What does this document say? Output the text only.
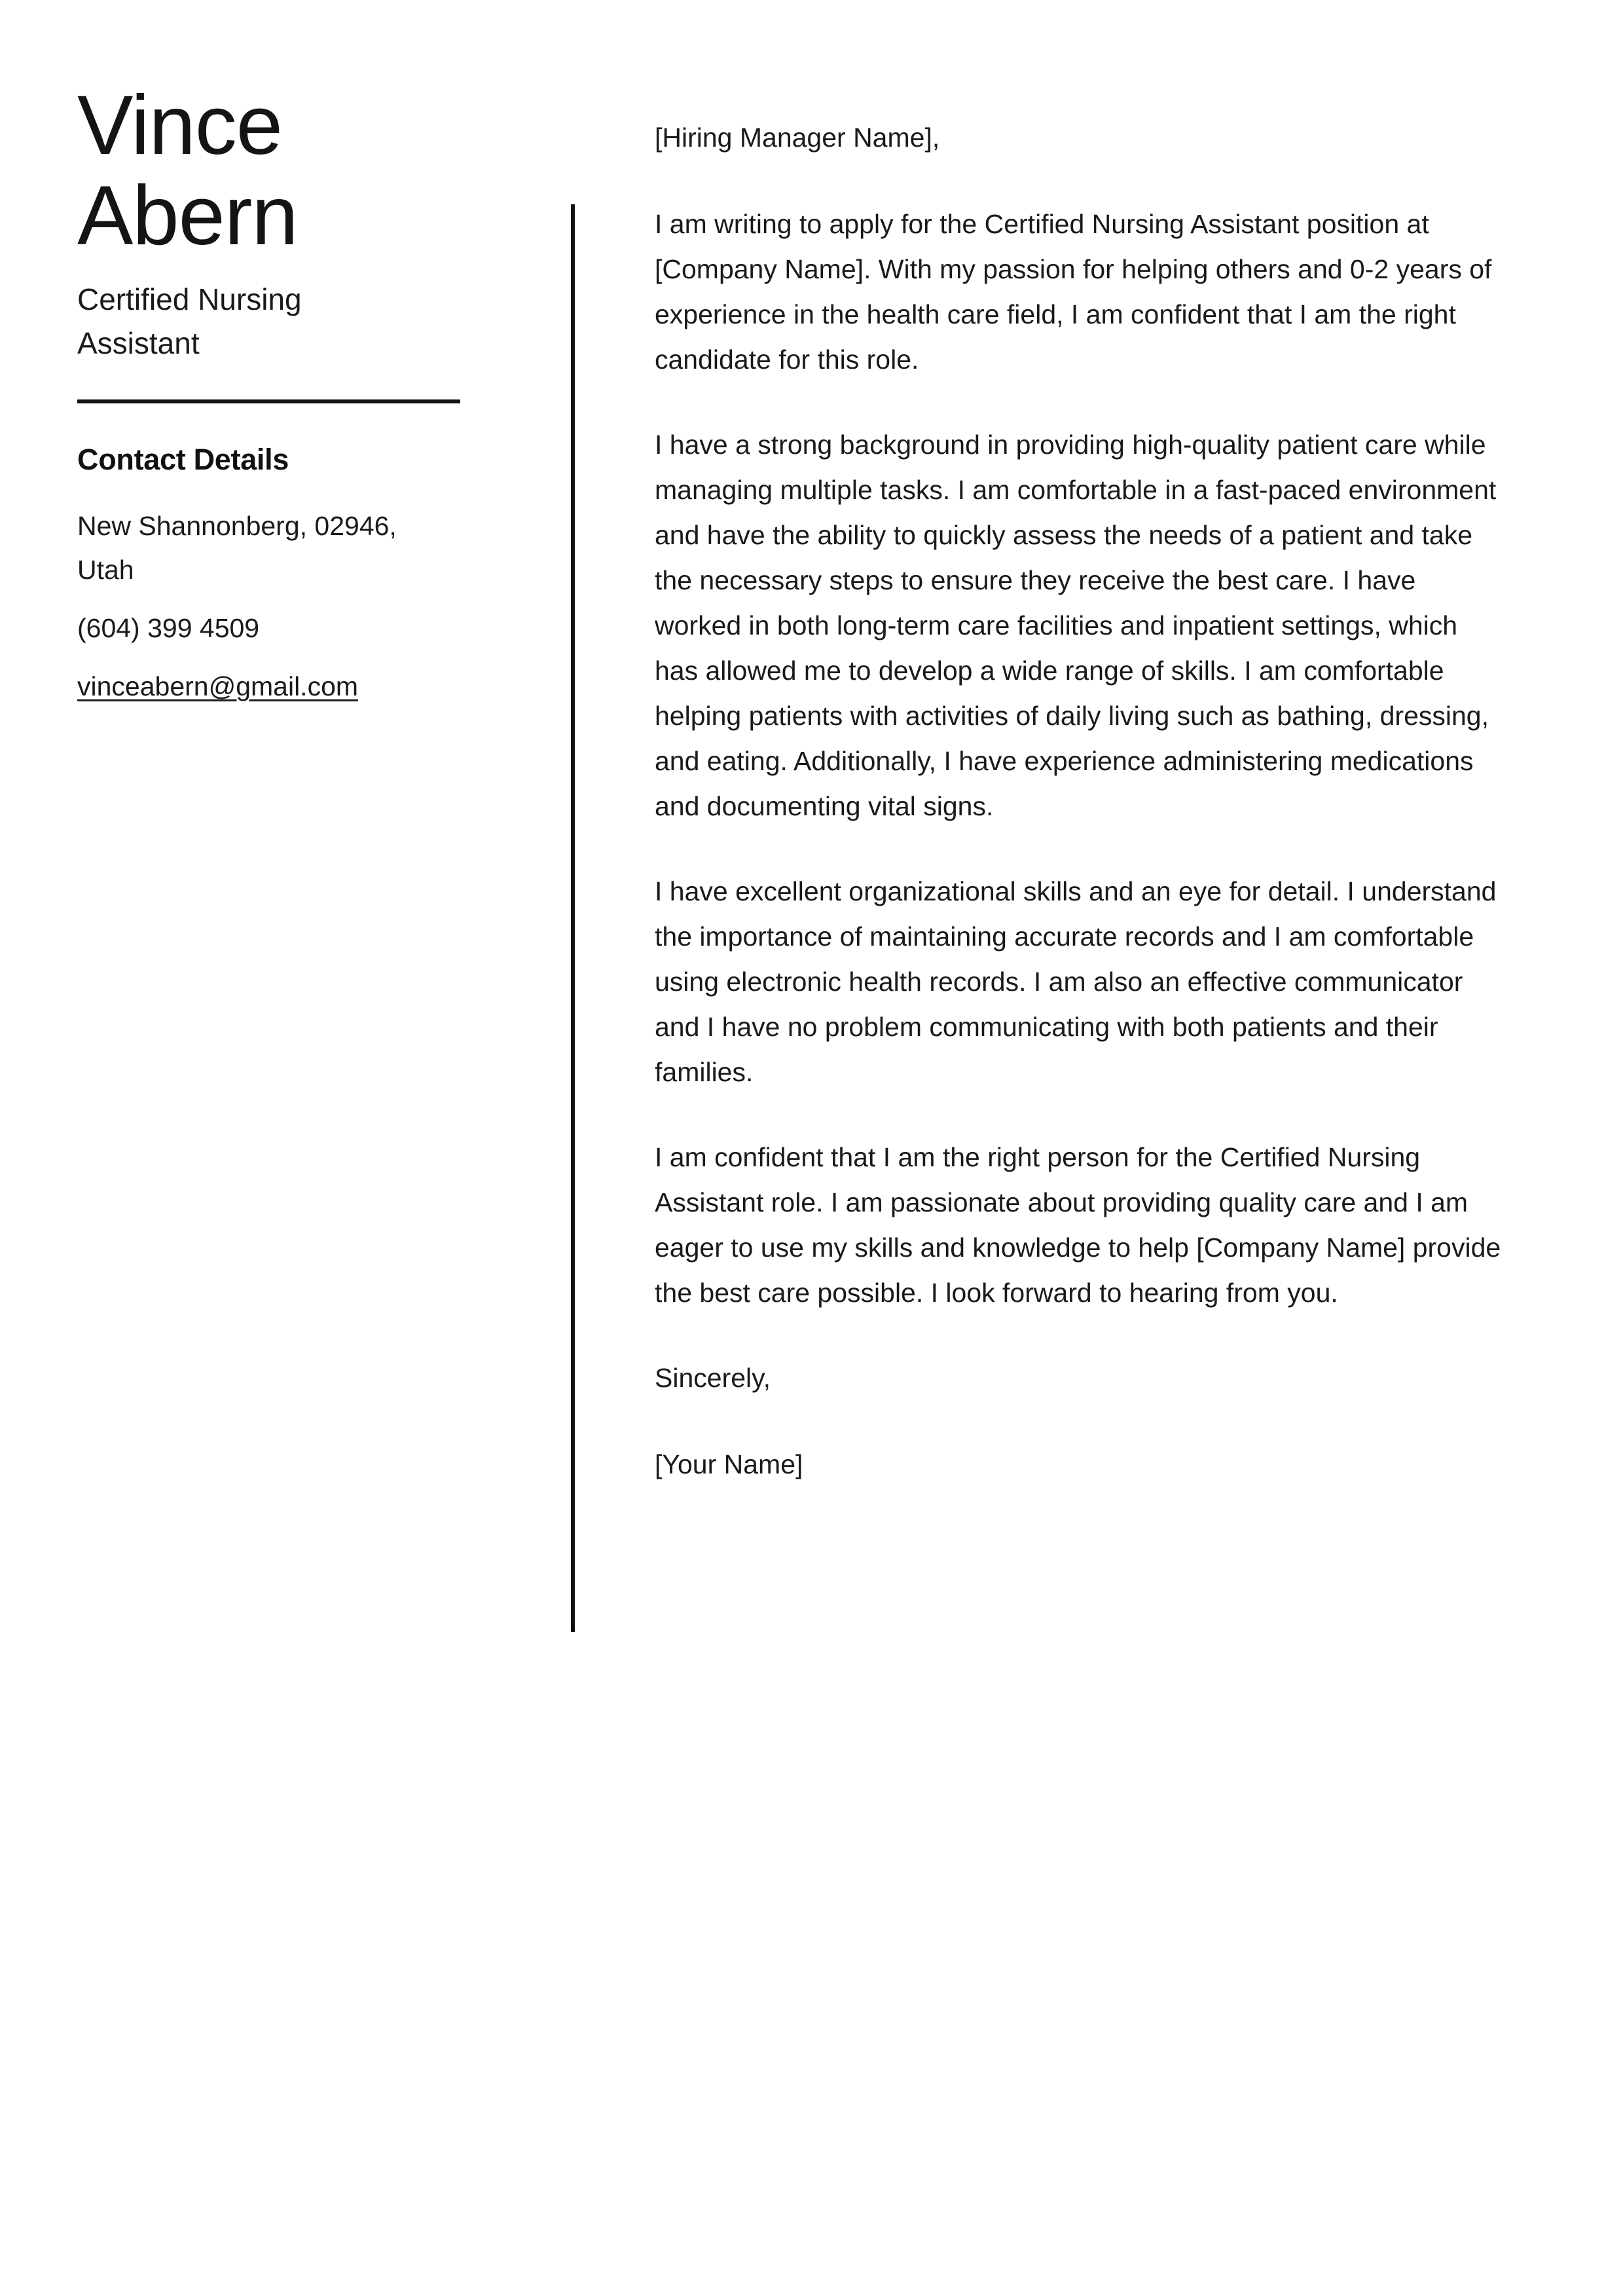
Vince
Abern

Certified Nursing Assistant

Contact Details
New Shannonberg, 02946, Utah
(604) 399 4509
vinceabern@gmail.com

[Hiring Manager Name],

I am writing to apply for the Certified Nursing Assistant position at [Company Name]. With my passion for helping others and 0-2 years of experience in the health care field, I am confident that I am the right candidate for this role.

I have a strong background in providing high-quality patient care while managing multiple tasks. I am comfortable in a fast-paced environment and have the ability to quickly assess the needs of a patient and take the necessary steps to ensure they receive the best care. I have worked in both long-term care facilities and inpatient settings, which has allowed me to develop a wide range of skills. I am comfortable helping patients with activities of daily living such as bathing, dressing, and eating. Additionally, I have experience administering medications and documenting vital signs.

I have excellent organizational skills and an eye for detail. I understand the importance of maintaining accurate records and I am comfortable using electronic health records. I am also an effective communicator and I have no problem communicating with both patients and their families.

I am confident that I am the right person for the Certified Nursing Assistant role. I am passionate about providing quality care and I am eager to use my skills and knowledge to help [Company Name] provide the best care possible. I look forward to hearing from you.

Sincerely,

[Your Name]
